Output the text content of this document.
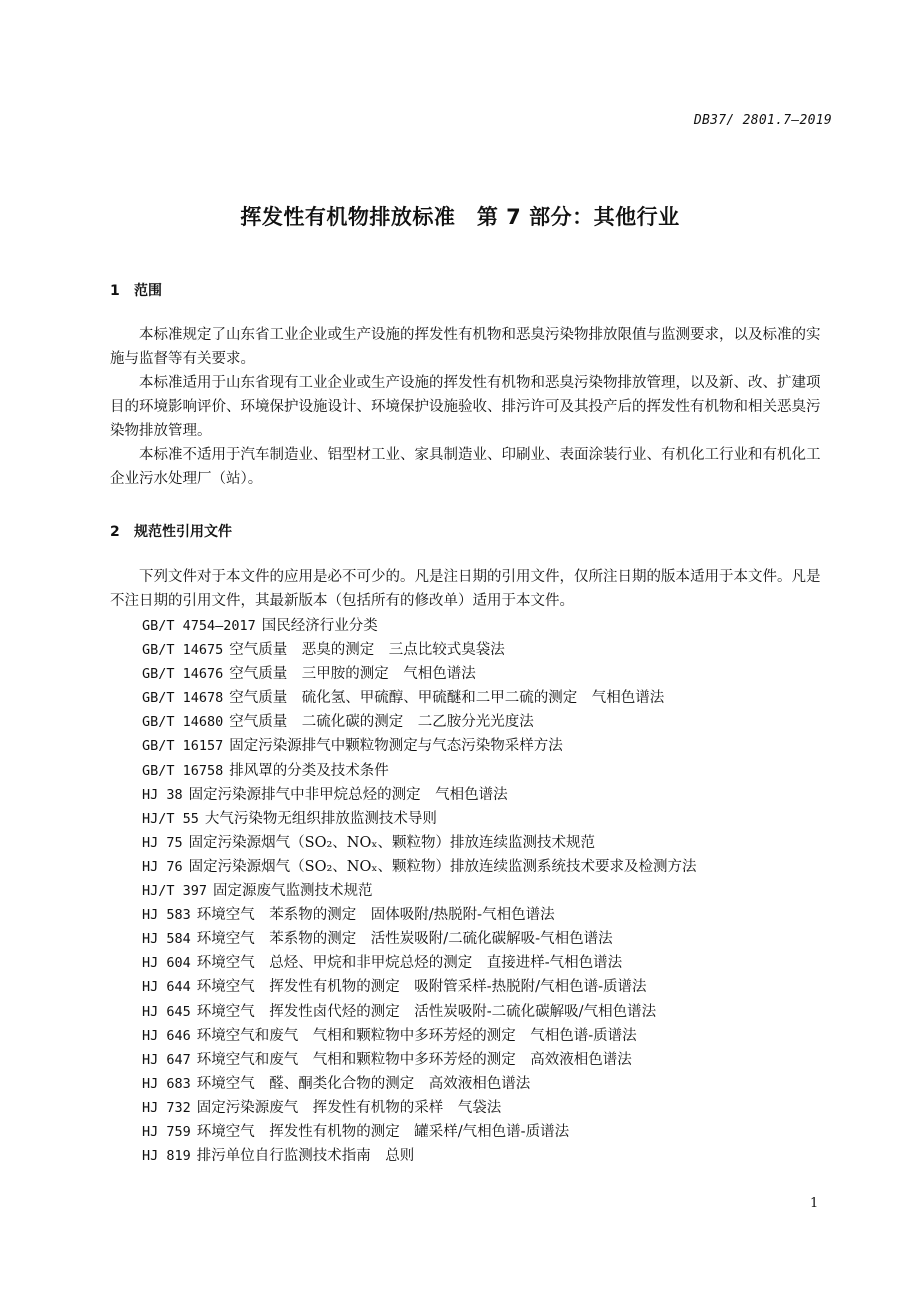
DB37/ 2801.7—2019
挥发性有机物排放标准　第 7 部分：其他行业
1 范围

本标准规定了山东省工业企业或生产设施的挥发性有机物和恶臭污染物排放限值与监测要求，以及标准的实施与监督等有关要求。

本标准适用于山东省现有工业企业或生产设施的挥发性有机物和恶臭污染物排放管理，以及新、改、扩建项目的环境影响评价、环境保护设施设计、环境保护设施验收、排污许可及其投产后的挥发性有机物和相关恶臭污染物排放管理。

本标准不适用于汽车制造业、铝型材工业、家具制造业、印刷业、表面涂装行业、有机化工行业和有机化工企业污水处理厂（站）。

2 规范性引用文件

下列文件对于本文件的应用是必不可少的。凡是注日期的引用文件，仅所注日期的版本适用于本文件。凡是不注日期的引用文件，其最新版本（包括所有的修改单）适用于本文件。

GB/T 4754—2017 国民经济行业分类
GB/T 14675 空气质量　恶臭的测定　三点比较式臭袋法
GB/T 14676 空气质量　三甲胺的测定　气相色谱法
GB/T 14678 空气质量　硫化氢、甲硫醇、甲硫醚和二甲二硫的测定　气相色谱法
GB/T 14680 空气质量　二硫化碳的测定　二乙胺分光光度法
GB/T 16157 固定污染源排气中颗粒物测定与气态污染物采样方法
GB/T 16758 排风罩的分类及技术条件
HJ 38 固定污染源排气中非甲烷总烃的测定　气相色谱法
HJ/T 55 大气污染物无组织排放监测技术导则
HJ 75 固定污染源烟气（SO₂、NOₓ、颗粒物）排放连续监测技术规范
HJ 76 固定污染源烟气（SO₂、NOₓ、颗粒物）排放连续监测系统技术要求及检测方法
HJ/T 397 固定源废气监测技术规范
HJ 583 环境空气　苯系物的测定　固体吸附/热脱附-气相色谱法
HJ 584 环境空气　苯系物的测定　活性炭吸附/二硫化碳解吸-气相色谱法
HJ 604 环境空气　总烃、甲烷和非甲烷总烃的测定　直接进样-气相色谱法
HJ 644 环境空气　挥发性有机物的测定　吸附管采样-热脱附/气相色谱-质谱法
HJ 645 环境空气　挥发性卤代烃的测定　活性炭吸附-二硫化碳解吸/气相色谱法
HJ 646 环境空气和废气　气相和颗粒物中多环芳烃的测定　气相色谱-质谱法
HJ 647 环境空气和废气　气相和颗粒物中多环芳烃的测定　高效液相色谱法
HJ 683 环境空气　醛、酮类化合物的测定　高效液相色谱法
HJ 732 固定污染源废气　挥发性有机物的采样　气袋法
HJ 759 环境空气　挥发性有机物的测定　罐采样/气相色谱-质谱法
HJ 819 排污单位自行监测技术指南　总则
1
